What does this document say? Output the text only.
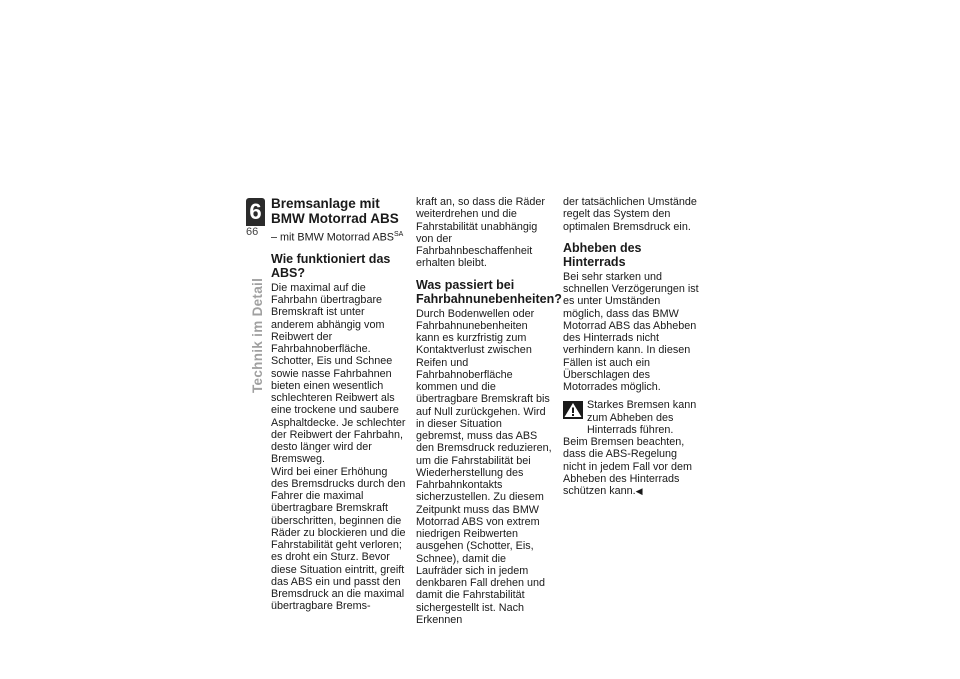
6
66
Technik im Detail
Bremsanlage mit BMW Motorrad ABS
– mit BMW Motorrad $ABS^{SA}$
Wie funktioniert das ABS?

Die maximal auf die Fahrbahn übertragbare Bremskraft ist unter anderem abhängig vom Reibwert der Fahrbahnoberfläche. Schotter, Eis und Schnee sowie nasse Fahrbahnen bieten einen wesentlich schlechteren Reibwert als eine trockene und saubere Asphaltdecke. Je schlechter der Reibwert der Fahrbahn, desto länger wird der Bremsweg.

Wird bei einer Erhöhung des Bremsdrucks durch den Fahrer die maximal übertragbare Bremskraft überschritten, beginnen die Räder zu blockieren und die Fahrstabilität geht verloren; es droht ein Sturz. Bevor diese Situation eintritt, greift das ABS ein und passt den Bremsdruck an die maximal übertragbare Brems-

kraft an, so dass die Räder weiterdrehen und die Fahrstabilität unabhängig von der Fahrbahnbeschaffenheit erhalten bleibt.

Was passiert bei Fahrbahnunebenheiten?

Durch Bodenwellen oder Fahrbahnunebenheiten kann es kurzfristig zum Kontaktverlust zwischen Reifen und Fahrbahnoberfläche kommen und die übertragbare Bremskraft bis auf Null zurückgehen. Wird in dieser Situation gebremst, muss das ABS den Bremsdruck reduzieren, um die Fahrstabilität bei Wiederherstellung des Fahrbahnkontakts sicherzustellen. Zu diesem Zeitpunkt muss das BMW Motorrad ABS von extrem niedrigen Reibwerten ausgehen (Schotter, Eis, Schnee), damit die Laufräder sich in jedem denkbaren Fall drehen und damit die Fahrstabilität sichergestellt ist. Nach Erkennen

der tatsächlichen Umstände regelt das System den optimalen Bremsdruck ein.

Abheben des Hinterrads

Bei sehr starken und schnellen Verzögerungen ist es unter Umständen möglich, dass das BMW Motorrad ABS das Abheben des Hinterrads nicht verhindern kann. In diesen Fällen ist auch ein Überschlagen des Motorrades möglich.

Starkes Bremsen kann zum Abheben des Hinterrads führen.

Beim Bremsen beachten, dass die ABS-Regelung nicht in jedem Fall vor dem Abheben des Hinterrads schützen kann.◀
